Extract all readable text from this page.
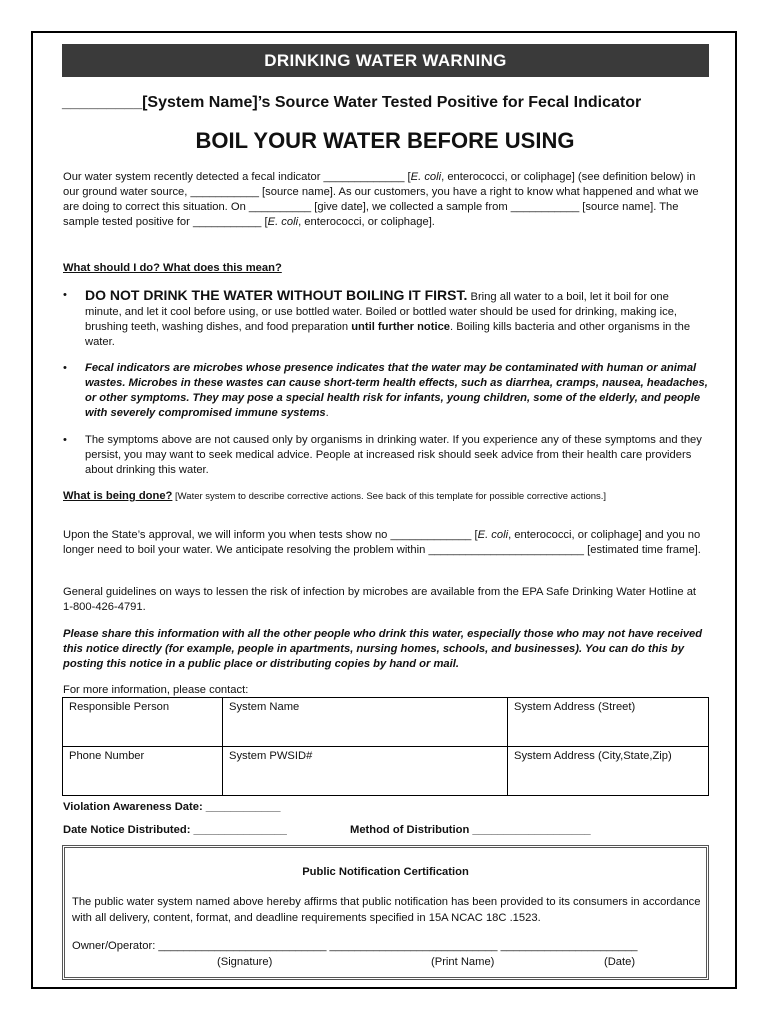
DRINKING WATER WARNING
_________[System Name]’s Source Water Tested Positive for Fecal Indicator
BOIL YOUR WATER BEFORE USING
Our water system recently detected a fecal indicator _____________ [E. coli, enterococci, or coliphage] (see definition below) in our ground water source, ___________ [source name]. As our customers, you have a right to know what happened and what we are doing to correct this situation. On __________ [give date], we collected a sample from ___________ [source name]. The sample tested positive for ___________ [E. coli, enterococci, or coliphage].
What should I do? What does this mean?
• DO NOT DRINK THE WATER WITHOUT BOILING IT FIRST. Bring all water to a boil, let it boil for one minute, and let it cool before using, or use bottled water. Boiled or bottled water should be used for drinking, making ice, brushing teeth, washing dishes, and food preparation until further notice. Boiling kills bacteria and other organisms in the water.
• Fecal indicators are microbes whose presence indicates that the water may be contaminated with human or animal wastes. Microbes in these wastes can cause short-term health effects, such as diarrhea, cramps, nausea, headaches, or other symptoms. They may pose a special health risk for infants, young children, some of the elderly, and people with severely compromised immune systems.
• The symptoms above are not caused only by organisms in drinking water. If you experience any of these symptoms and they persist, you may want to seek medical advice. People at increased risk should seek advice from their health care providers about drinking this water.
What is being done? [Water system to describe corrective actions. See back of this template for possible corrective actions.]
Upon the State’s approval, we will inform you when tests show no _____________ [E. coli, enterococci, or coliphage] and you no longer need to boil your water. We anticipate resolving the problem within _________________________ [estimated time frame].
General guidelines on ways to lessen the risk of infection by microbes are available from the EPA Safe Drinking Water Hotline at 1-800-426-4791.
Please share this information with all the other people who drink this water, especially those who may not have received this notice directly (for example, people in apartments, nursing homes, schools, and businesses). You can do this by posting this notice in a public place or distributing copies by hand or mail.
For more information, please contact:
Responsible Person	System Name	System Address (Street)
Phone Number	System PWSID#	System Address (City,State,Zip)
Violation Awareness Date: ____________
Date Notice Distributed: _______________	Method of Distribution ___________________
Public Notification Certification
The public water system named above hereby affirms that public notification has been provided to its consumers in accordance with all delivery, content, format, and deadline requirements specified in 15A NCAC 18C .1523.
Owner/Operator: ___________________________ ___________________________ ______________________
(Signature)	(Print Name)	(Date)
